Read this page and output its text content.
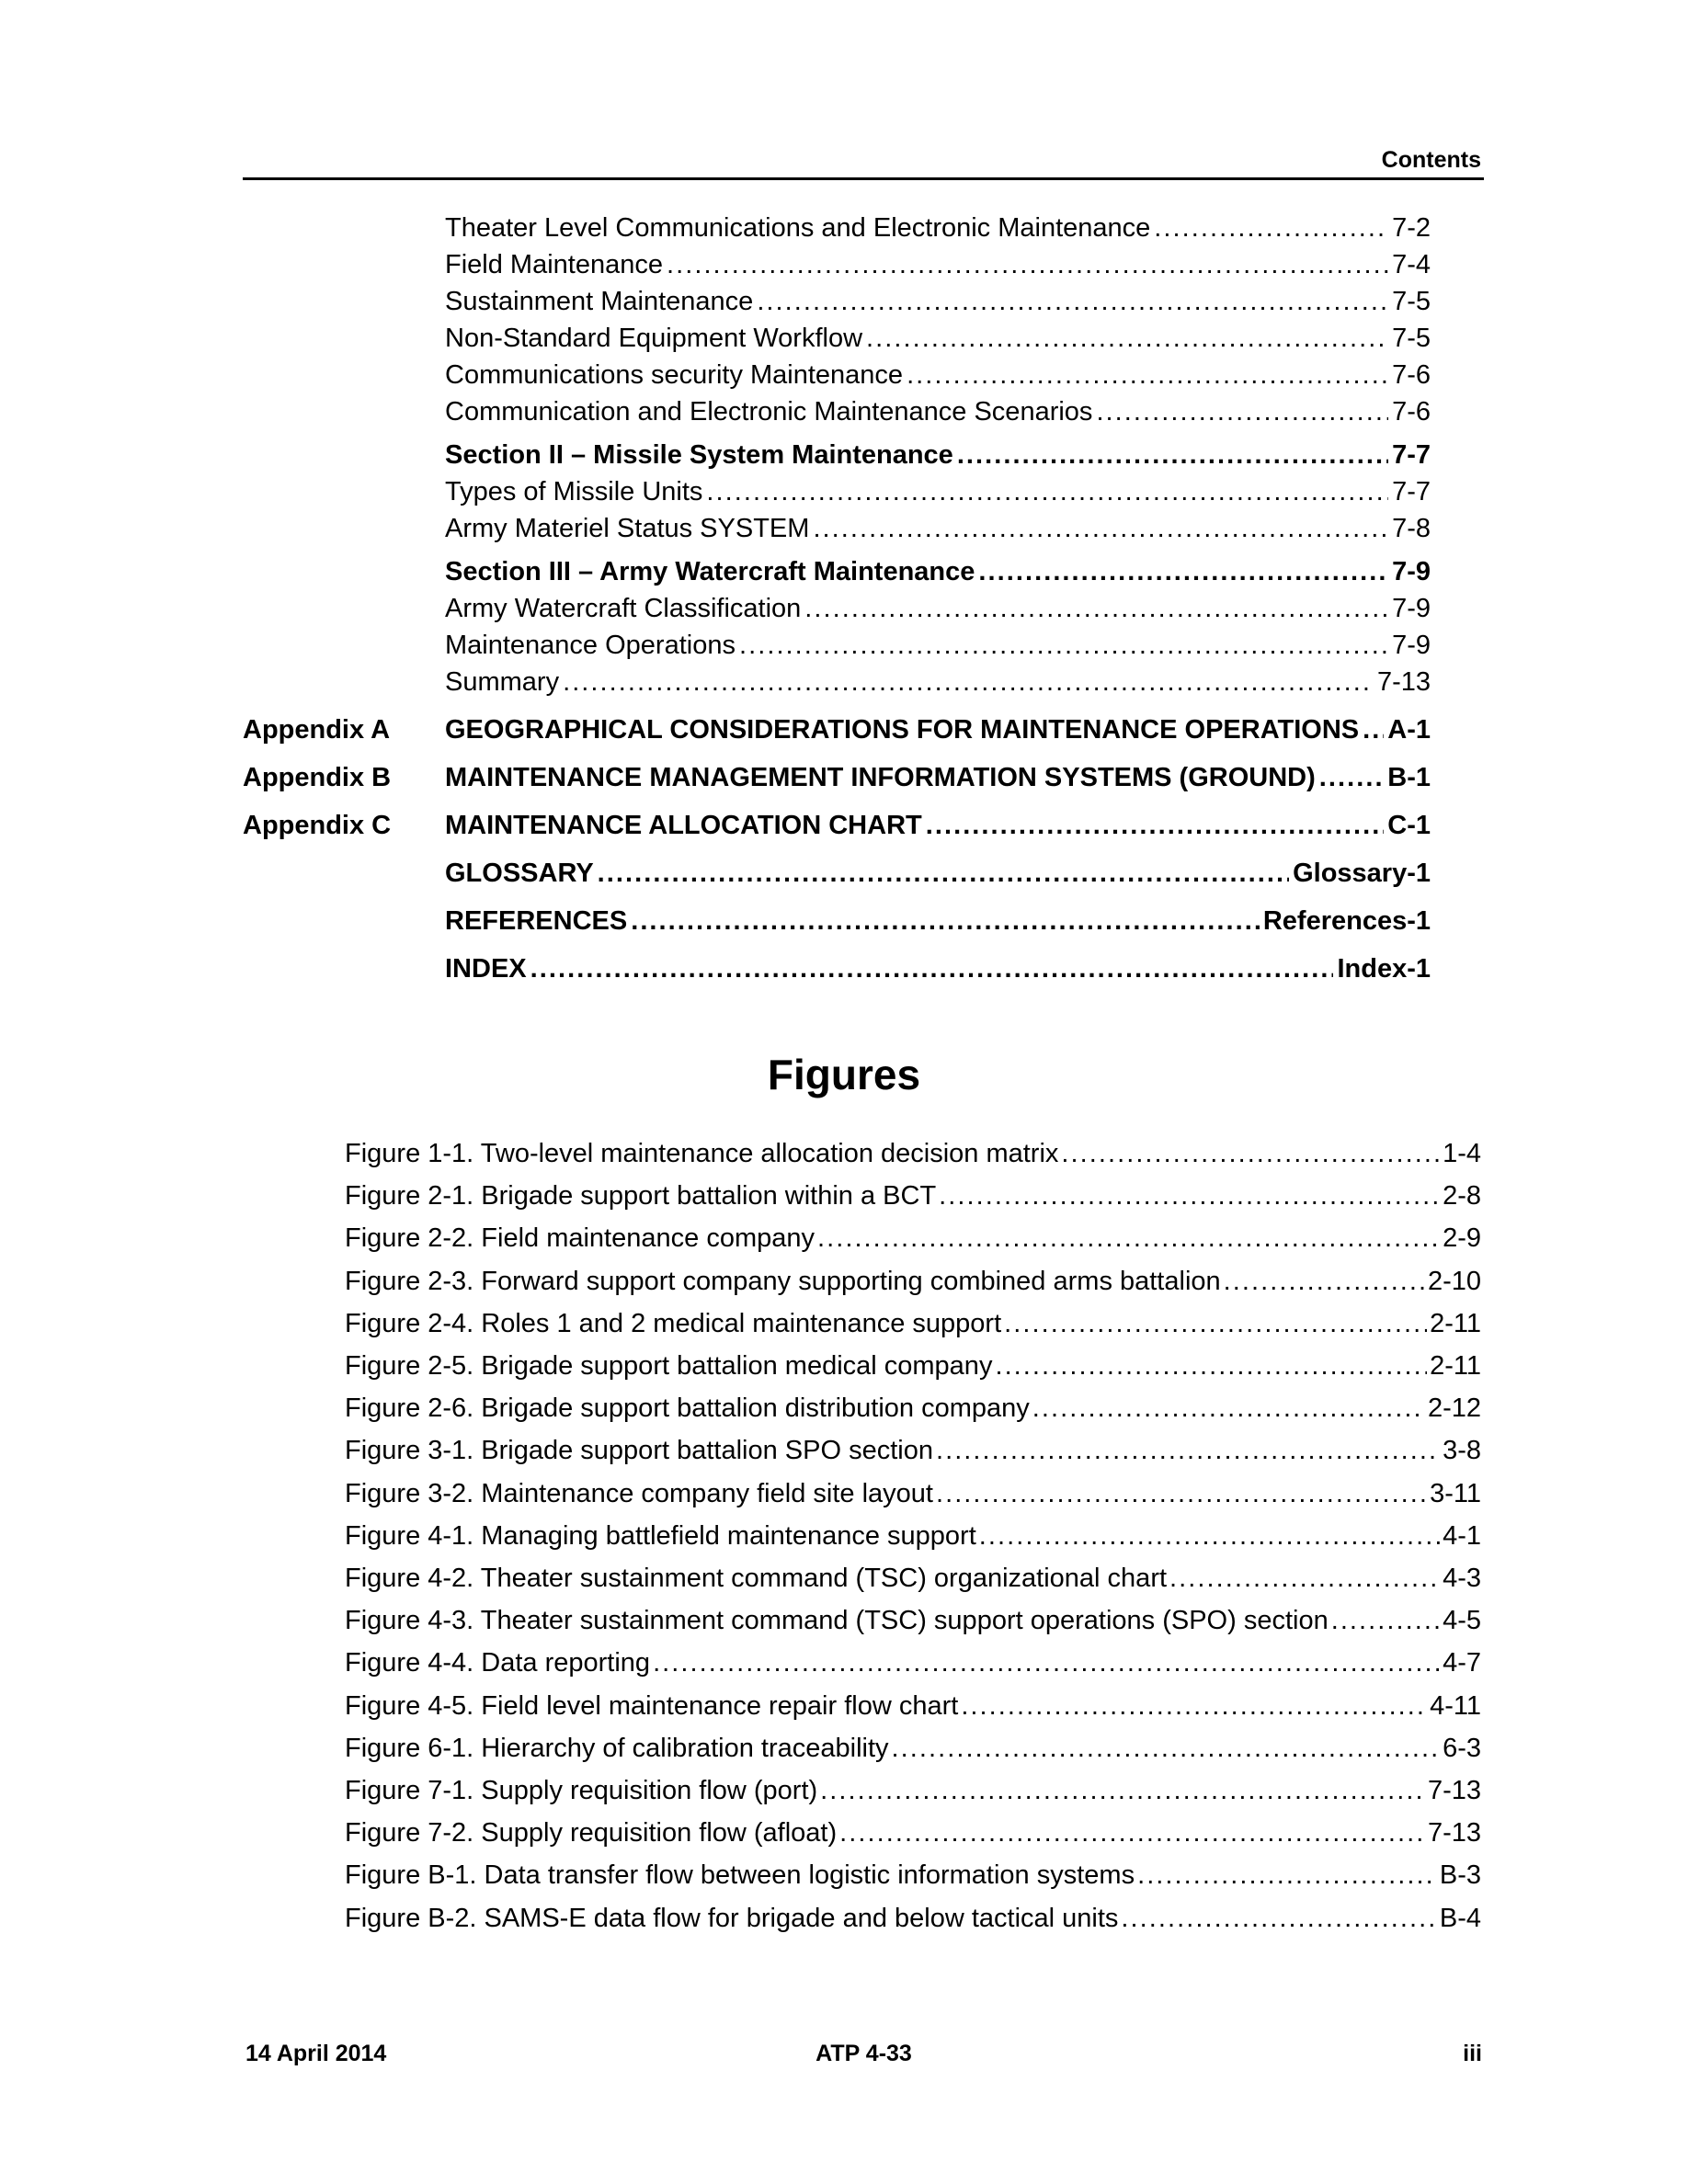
Contents
Theater Level Communications and Electronic Maintenance . . .	7-2
Field Maintenance . . .	7-4
Sustainment Maintenance . . .	7-5
Non-Standard Equipment Workflow . . .	7-5
Communications security Maintenance . . .	7-6
Communication and Electronic Maintenance Scenarios . . .	7-6
Section II – Missile System Maintenance . . .	7-7
Types of Missile Units . . .	7-7
Army Materiel Status SYSTEM . . .	7-8
Section III – Army Watercraft Maintenance . . .	7-9
Army Watercraft Classification . . .	7-9
Maintenance Operations . . .	7-9
Summary . . .	7-13
Appendix A	GEOGRAPHICAL CONSIDERATIONS FOR MAINTENANCE OPERATIONS . . . A-1
Appendix B	MAINTENANCE MANAGEMENT INFORMATION SYSTEMS (GROUND) . . .	B-1
Appendix C	MAINTENANCE ALLOCATION CHART . . .	C-1
GLOSSARY . . .	Glossary-1
REFERENCES . . .	References-1
INDEX . . .	Index-1
Figures
Figure 1-1. Two-level maintenance allocation decision matrix . . .	1-4
Figure 2-1. Brigade support battalion within a BCT . . .	2-8
Figure 2-2. Field maintenance company . . .	2-9
Figure 2-3. Forward support company supporting combined arms battalion . . .	2-10
Figure 2-4. Roles 1 and 2 medical maintenance support . . .	2-11
Figure 2-5. Brigade support battalion medical company . . .	2-11
Figure 2-6. Brigade support battalion distribution company . . .	2-12
Figure 3-1. Brigade support battalion SPO section . . .	3-8
Figure 3-2. Maintenance company field site layout . . .	3-11
Figure 4-1. Managing battlefield maintenance support . . .	4-1
Figure 4-2. Theater sustainment command (TSC) organizational chart . . .	4-3
Figure 4-3. Theater sustainment command (TSC) support operations (SPO) section . . .	4-5
Figure 4-4. Data reporting . . .	4-7
Figure 4-5. Field level maintenance repair flow chart . . .	4-11
Figure 6-1. Hierarchy of calibration traceability . . .	6-3
Figure 7-1. Supply requisition flow (port) . . .	7-13
Figure 7-2. Supply requisition flow (afloat) . . .	7-13
Figure B-1. Data transfer flow between logistic information systems . . .	B-3
Figure B-2. SAMS-E data flow for brigade and below tactical units . . .	B-4
14 April 2014	ATP 4-33	iii
